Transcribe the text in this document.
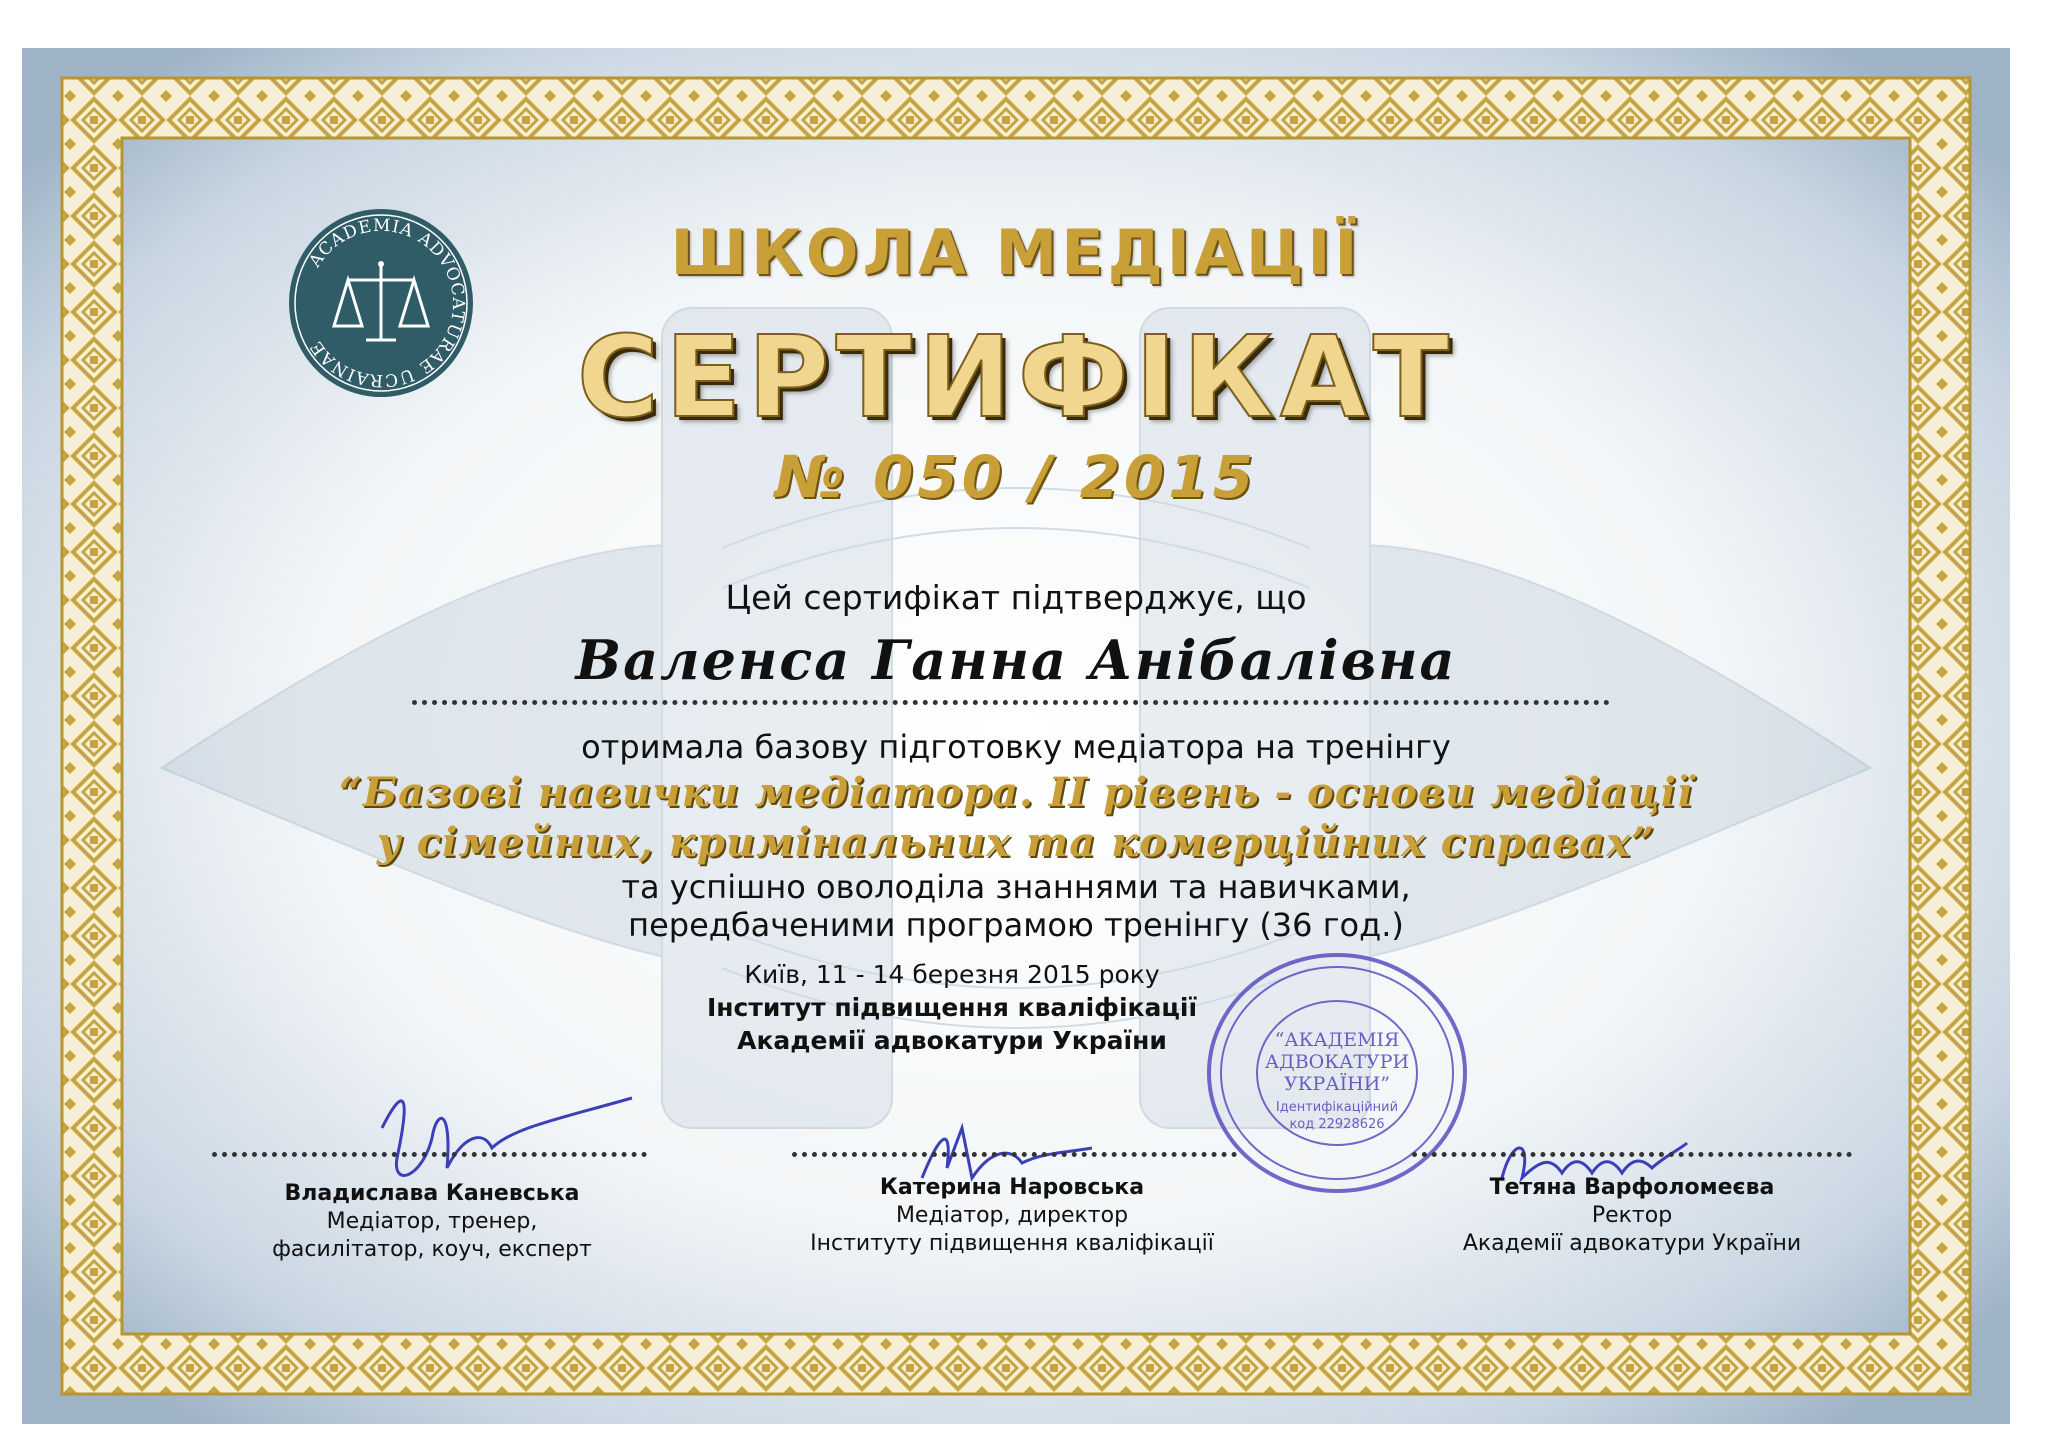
ACADEMIA ADVOCATURAE UCRAINAE
ШКОЛА МЕДІАЦІЇ
СЕРТИФІКАТ
№ 050 / 2015
Цей сертифікат підтверджує, що
Валенса Ганна Анібалівна
отримала базову підготовку медіатора на тренінгу
“Базові навички медіатора. ІІ рівень - основи медіації
у сімейних, кримінальних та комерційних справах”
та успішно оволоділа знаннями та навичками,
передбаченими програмою тренінгу (36 год.)
Київ, 11 - 14 березня 2015 року
Інститут підвищення кваліфікації
Академії адвокатури України	“АКАДЕМІЯ
АДВОКАТУРИ
УКРАЇНИ”
Ідентифікаційний
код 22928626
Владислава Каневська
Медіатор, тренер,
фасилітатор, коуч, експерт
Катерина Наровська
Медіатор, директор
Інституту підвищення кваліфікації
Тетяна Варфоломеєва
Ректор
Академії адвокатури України
